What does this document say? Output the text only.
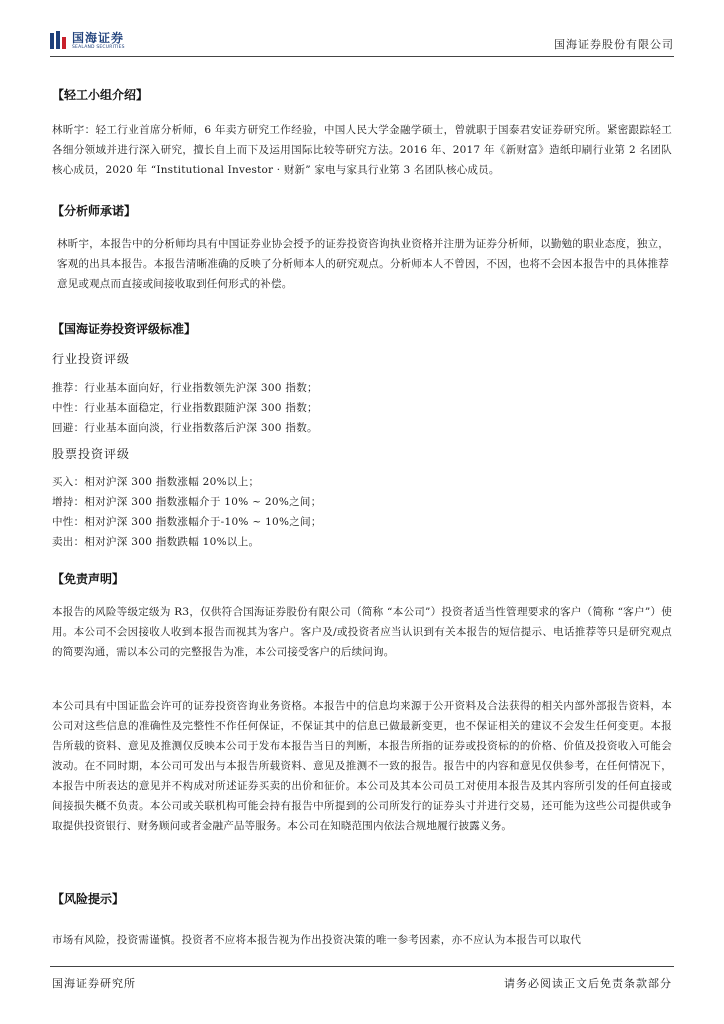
国海证券
SEALAND SECURITIES	国海证券股份有限公司
【轻工小组介绍】
林昕宇：轻工行业首席分析师，6 年卖方研究工作经验，中国人民大学金融学硕士，曾就职于国泰君安证券研究所。紧密跟踪轻工各细分领域并进行深入研究，擅长自上而下及运用国际比较等研究方法。2016 年、2017 年《新财富》造纸印刷行业第 2 名团队核心成员，2020 年 “Institutional Investor · 财新” 家电与家具行业第 3 名团队核心成员。
【分析师承诺】
林昕宇，本报告中的分析师均具有中国证券业协会授予的证券投资咨询执业资格并注册为证券分析师，以勤勉的职业态度，独立，客观的出具本报告。本报告清晰准确的反映了分析师本人的研究观点。分析师本人不曾因，不因，也将不会因本报告中的具体推荐意见或观点而直接或间接收取到任何形式的补偿。
【国海证券投资评级标准】
行业投资评级
推荐：行业基本面向好，行业指数领先沪深 300 指数；
中性：行业基本面稳定，行业指数跟随沪深 300 指数；
回避：行业基本面向淡，行业指数落后沪深 300 指数。
股票投资评级
买入：相对沪深 300 指数涨幅 20%以上；
增持：相对沪深 300 指数涨幅介于 10% ~ 20%之间；
中性：相对沪深 300 指数涨幅介于-10% ~ 10%之间；
卖出：相对沪深 300 指数跌幅 10%以上。
【免责声明】
本报告的风险等级定级为 R3，仅供符合国海证券股份有限公司（简称 “本公司”）投资者适当性管理要求的客户（简称 “客户”）使用。本公司不会因接收人收到本报告而视其为客户。客户及/或投资者应当认识到有关本报告的短信提示、电话推荐等只是研究观点的简要沟通，需以本公司的完整报告为准，本公司接受客户的后续问询。
本公司具有中国证监会许可的证券投资咨询业务资格。本报告中的信息均来源于公开资料及合法获得的相关内部外部报告资料，本公司对这些信息的准确性及完整性不作任何保证，不保证其中的信息已做最新变更，也不保证相关的建议不会发生任何变更。本报告所载的资料、意见及推测仅反映本公司于发布本报告当日的判断，本报告所指的证券或投资标的的价格、价值及投资收入可能会波动。在不同时期，本公司可发出与本报告所载资料、意见及推测不一致的报告。报告中的内容和意见仅供参考，在任何情况下，本报告中所表达的意见并不构成对所述证券买卖的出价和征价。本公司及其本公司员工对使用本报告及其内容所引发的任何直接或间接损失概不负责。本公司或关联机构可能会持有报告中所提到的公司所发行的证券头寸并进行交易，还可能为这些公司提供或争取提供投资银行、财务顾问或者金融产品等服务。本公司在知晓范围内依法合规地履行披露义务。
【风险提示】
市场有风险，投资需谨慎。投资者不应将本报告视为作出投资决策的唯一参考因素，亦不应认为本报告可以取代
国海证券研究所	请务必阅读正文后免责条款部分
